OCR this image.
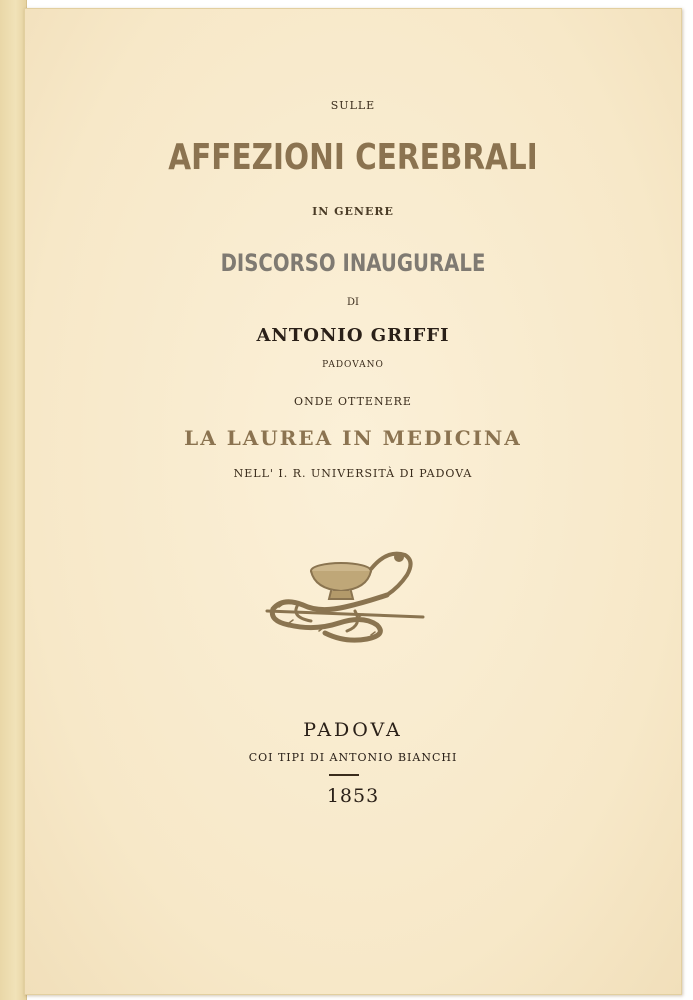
SULLE
AFFEZIONI CEREBRALI
IN GENERE
DISCORSO INAUGURALE
DI
ANTONIO GRIFFI
PADOVANO
ONDE OTTENERE
LA LAUREA IN MEDICINA
NELL' I. R. UNIVERSITÀ DI PADOVA
PADOVA
COI TIPI DI ANTONIO BIANCHI
1853
